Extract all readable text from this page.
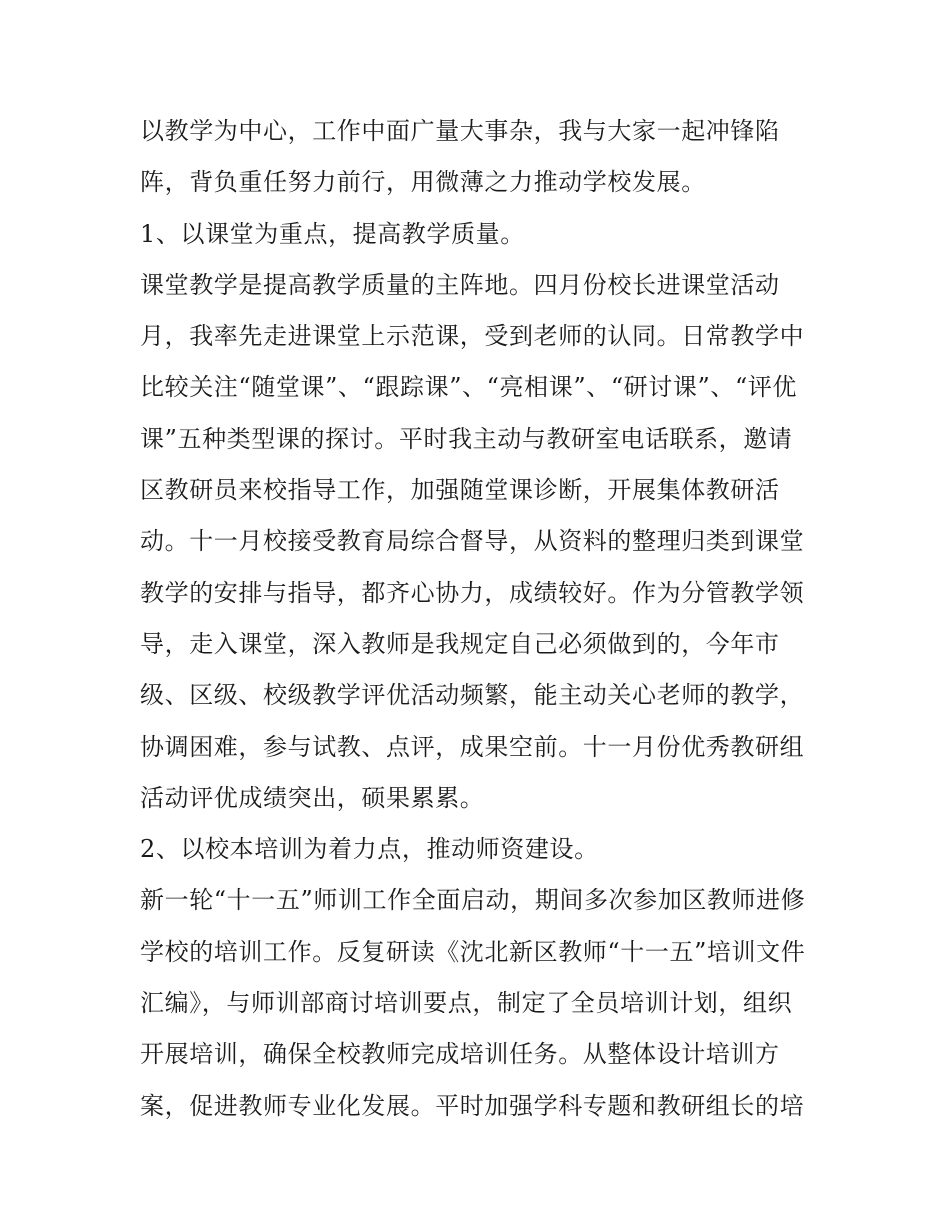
以教学为中心，工作中面广量大事杂，我与大家一起冲锋陷
阵，背负重任努力前行，用微薄之力推动学校发展。
1、以课堂为重点，提高教学质量。
课堂教学是提高教学质量的主阵地。四月份校长进课堂活动
月，我率先走进课堂上示范课，受到老师的认同。日常教学中
比较关注“随堂课”、“跟踪课”、“亮相课”、“研讨课”、“评优
课”五种类型课的探讨。平时我主动与教研室电话联系，邀请
区教研员来校指导工作，加强随堂课诊断，开展集体教研活
动。十一月校接受教育局综合督导，从资料的整理归类到课堂
教学的安排与指导，都齐心协力，成绩较好。作为分管教学领
导，走入课堂，深入教师是我规定自己必须做到的，今年市
级、区级、校级教学评优活动频繁，能主动关心老师的教学，
协调困难，参与试教、点评，成果空前。十一月份优秀教研组
活动评优成绩突出，硕果累累。
2、以校本培训为着力点，推动师资建设。
新一轮“十一五”师训工作全面启动，期间多次参加区教师进修
学校的培训工作。反复研读《沈北新区教师“十一五”培训文件
汇编》，与师训部商讨培训要点，制定了全员培训计划，组织
开展培训，确保全校教师完成培训任务。从整体设计培训方
案，促进教师专业化发展。平时加强学科专题和教研组长的培
